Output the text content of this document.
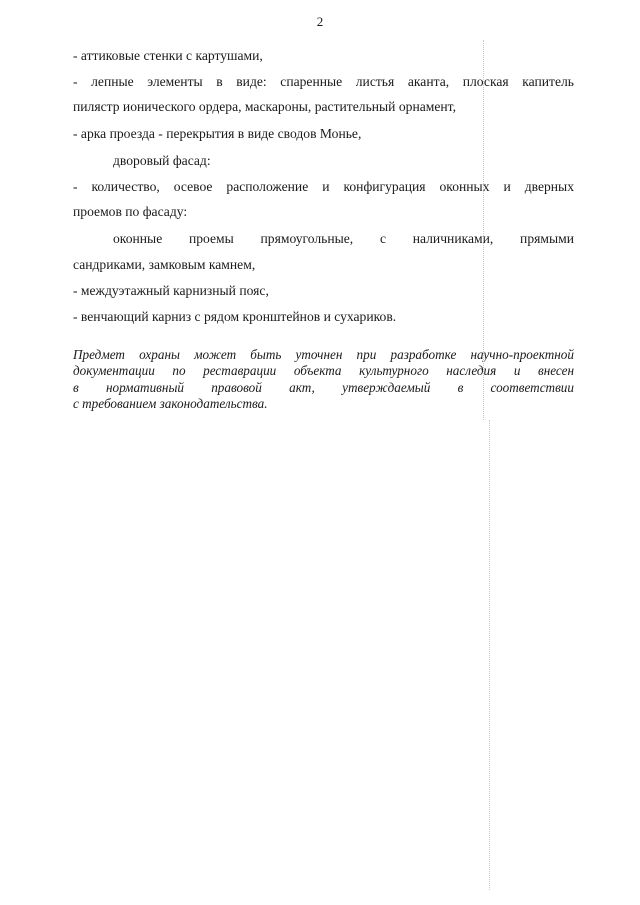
2
- аттиковые стенки с картушами,
- лепные элементы в виде: спаренные листья аканта, плоская капитель
пилястр ионического ордера, маскароны, растительный орнамент,
- арка проезда - перекрытия в виде сводов Монье,
дворовый фасад:
- количество, осевое расположение и конфигурация оконных и дверных
проемов по фасаду:
оконные проемы прямоугольные, с наличниками, прямыми
сандриками, замковым камнем,
- междуэтажный карнизный пояс,
- венчающий карниз с рядом кронштейнов и сухариков.
Предмет охраны может быть уточнен при разработке научно-проектной
документации по реставрации объекта культурного наследия и внесен
в нормативный правовой акт, утверждаемый в соответствии
с требованием законодательства.
